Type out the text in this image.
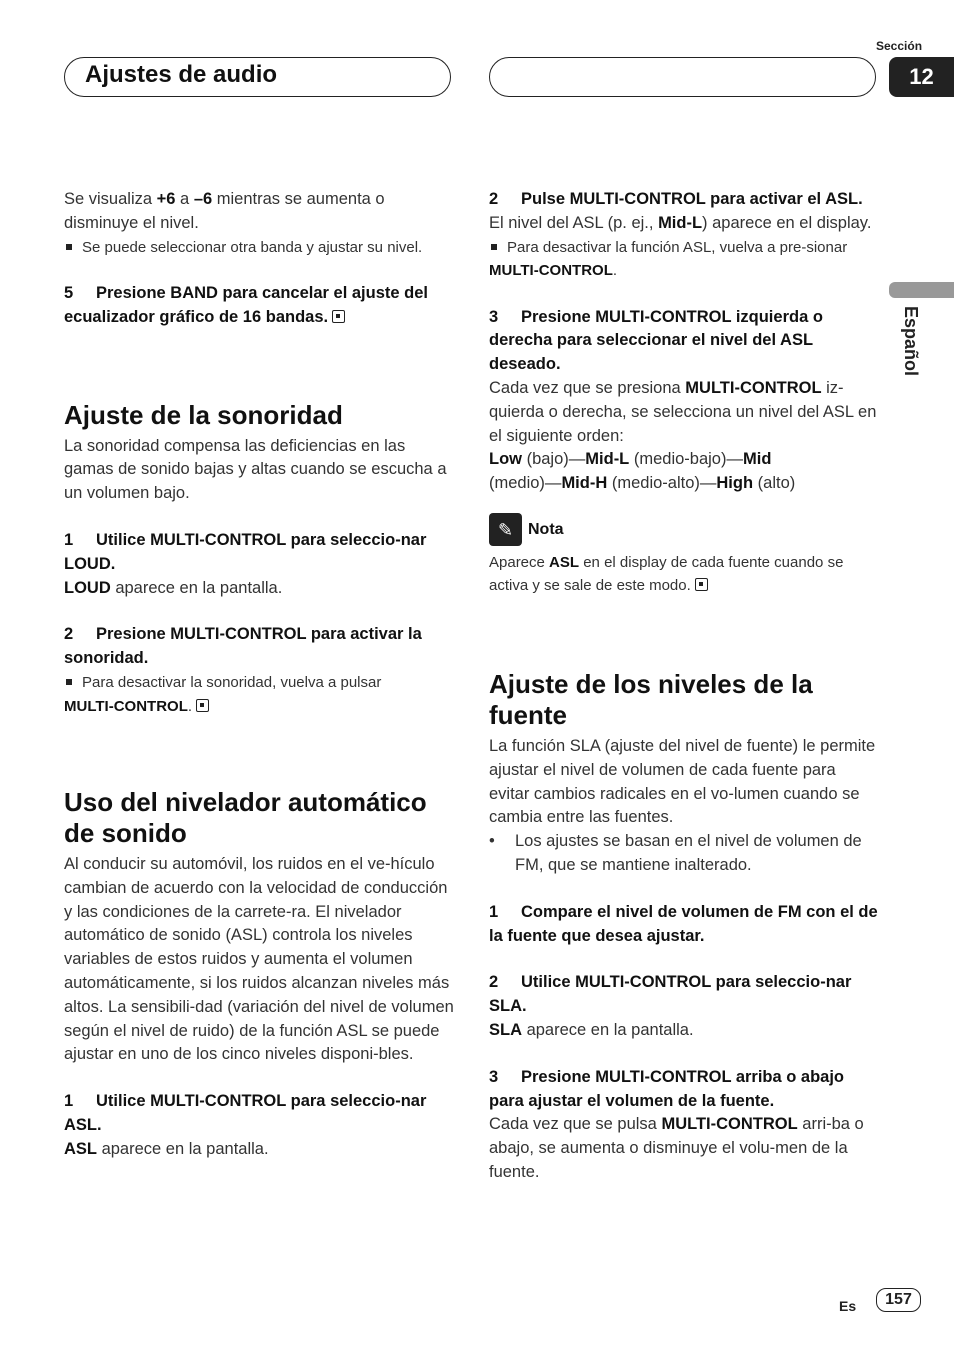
Ajustes de audio
Sección
12
Español

Se visualiza +6 a –6 mientras se aumenta o disminuye el nivel.

Se puede seleccionar otra banda y ajustar su nivel.

5 Presione BAND para cancelar el ajuste del ecualizador gráfico de 16 bandas.

Ajuste de la sonoridad

La sonoridad compensa las deficiencias en las gamas de sonido bajas y altas cuando se escucha a un volumen bajo.

1 Utilice MULTI-CONTROL para seleccio-nar LOUD.

LOUD aparece en la pantalla.

2 Presione MULTI-CONTROL para activar la sonoridad.

Para desactivar la sonoridad, vuelva a pulsar
MULTI-CONTROL.

Uso del nivelador automático de sonido

Al conducir su automóvil, los ruidos en el ve-hículo cambian de acuerdo con la velocidad de conducción y las condiciones de la carrete-ra. El nivelador automático de sonido (ASL) controla los niveles variables de estos ruidos y aumenta el volumen automáticamente, si los ruidos alcanzan niveles más altos. La sensibili-dad (variación del nivel de volumen según el nivel de ruido) de la función ASL se puede ajustar en uno de los cinco niveles disponi-bles.

1 Utilice MULTI-CONTROL para seleccio-nar ASL.

ASL aparece en la pantalla.

2 Pulse MULTI-CONTROL para activar el ASL.

El nivel del ASL (p. ej., Mid-L) aparece en el display.

Para desactivar la función ASL, vuelva a pre-sionar MULTI-CONTROL.

3 Presione MULTI-CONTROL izquierda o derecha para seleccionar el nivel del ASL deseado.

Cada vez que se presiona MULTI-CONTROL iz-quierda o derecha, se selecciona un nivel del ASL en el siguiente orden:

Low (bajo)—Mid-L (medio-bajo)—Mid
(medio)—Mid-H (medio-alto)—High (alto)

✎ Nota

Aparece ASL en el display de cada fuente cuando se activa y se sale de este modo.

Ajuste de los niveles de la fuente

La función SLA (ajuste del nivel de fuente) le permite ajustar el nivel de volumen de cada fuente para evitar cambios radicales en el vo-lumen cuando se cambia entre las fuentes.

•	Los ajustes se basan en el nivel de volumen de FM, que se mantiene inalterado.

1 Compare el nivel de volumen de FM con el de la fuente que desea ajustar.

2 Utilice MULTI-CONTROL para seleccio-nar SLA.

SLA aparece en la pantalla.

3 Presione MULTI-CONTROL arriba o abajo para ajustar el volumen de la fuente.

Cada vez que se pulsa MULTI-CONTROL arri-ba o abajo, se aumenta o disminuye el volu-men de la fuente.

Es	157
